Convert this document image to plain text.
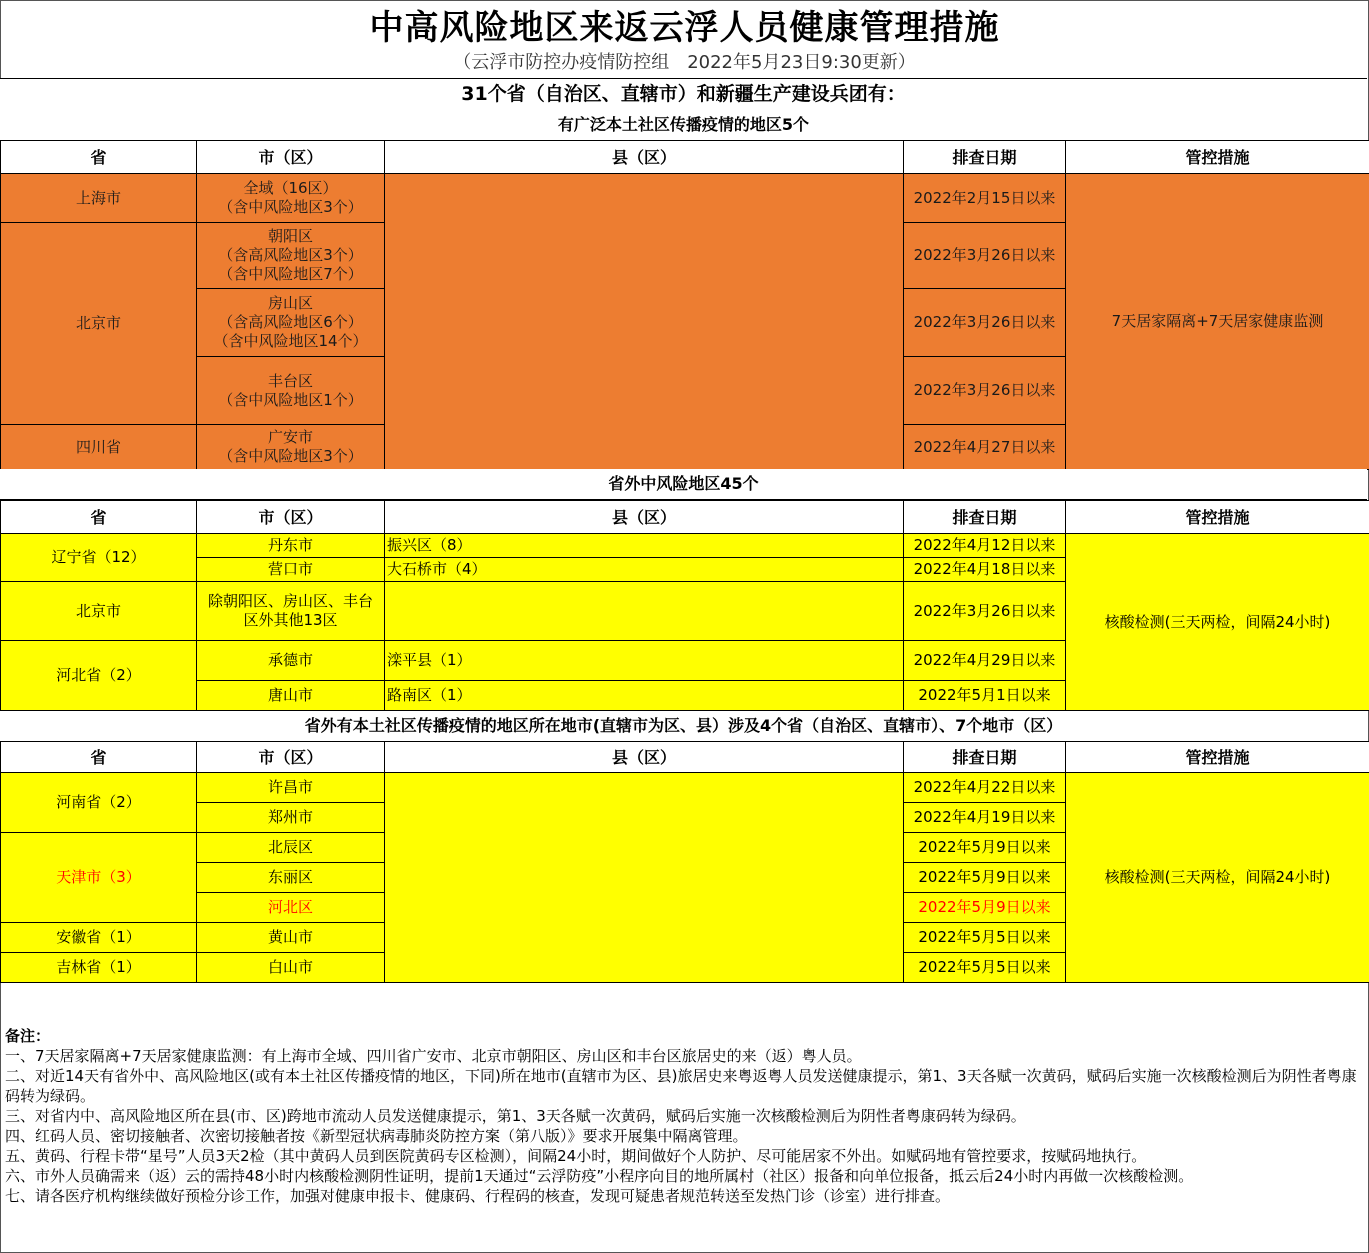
中高风险地区来返云浮人员健康管理措施
（云浮市防控办疫情防控组　2022年5月23日9:30更新）
31个省（自治区、直辖市）和新疆生产建设兵团有：
有广泛本土社区传播疫情的地区5个
省	市（区）	县（区）	排查日期	管控措施
上海市	全域（16区）
（含中风险地区3个）		2022年2月15日以来	7天居家隔离+7天居家健康监测
北京市	朝阳区
（含高风险地区3个）
（含中风险地区7个）		2022年3月26日以来	

	房山区
（含高风险地区6个）
（含中风险地区14个）		2022年3月26日以来	

	丰台区
（含中风险地区1个）		2022年3月26日以来	
四川省	广安市
（含中风险地区3个）		2022年4月27日以来	
省外中风险地区45个
省	市（区）	县（区）	排查日期	管控措施
辽宁省（12）	丹东市	振兴区（8）	2022年4月12日以来	核酸检测(三天两检，间隔24小时)
	营口市	大石桥市（4）	2022年4月18日以来	
北京市	除朝阳区、房山区、丰台区外其他13区		2022年3月26日以来	
河北省（2）	承德市	滦平县（1）	2022年4月29日以来	
	唐山市	路南区（1）	2022年5月1日以来	
省外有本土社区传播疫情的地区所在地市(直辖市为区、县）涉及4个省（自治区、直辖市）、7个地市（区）
省	市（区）	县（区）	排查日期	管控措施
河南省（2）	许昌市		2022年4月22日以来	核酸检测(三天两检，间隔24小时)
	郑州市		2022年4月19日以来	
天津市（3）	北辰区		2022年5月9日以来	
	东丽区		2022年5月9日以来	
	河北区		2022年5月9日以来	
安徽省（1）	黄山市		2022年5月5日以来	
吉林省（1）	白山市		2022年5月5日以来	
备注：
一、7天居家隔离+7天居家健康监测：有上海市全域、四川省广安市、北京市朝阳区、房山区和丰台区旅居史的来（返）粤人员。
二、对近14天有省外中、高风险地区(或有本土社区传播疫情的地区，下同)所在地市(直辖市为区、县)旅居史来粤返粤人员发送健康提示，第1、3天各赋一次黄码，赋码后实施一次核酸检测后为阴性者粤康码转为绿码。
三、对省内中、高风险地区所在县(市、区)跨地市流动人员发送健康提示，第1、3天各赋一次黄码，赋码后实施一次核酸检测后为阴性者粤康码转为绿码。
四、红码人员、密切接触者、次密切接触者按《新型冠状病毒肺炎防控方案（第八版）》要求开展集中隔离管理。
五、黄码、行程卡带“星号”人员3天2检（其中黄码人员到医院黄码专区检测），间隔24小时，期间做好个人防护、尽可能居家不外出。如赋码地有管控要求，按赋码地执行。
六、市外人员确需来（返）云的需持48小时内核酸检测阴性证明，提前1天通过“云浮防疫”小程序向目的地所属村（社区）报备和向单位报备，抵云后24小时内再做一次核酸检测。
七、请各医疗机构继续做好预检分诊工作，加强对健康申报卡、健康码、行程码的核查，发现可疑患者规范转送至发热门诊（诊室）进行排查。
